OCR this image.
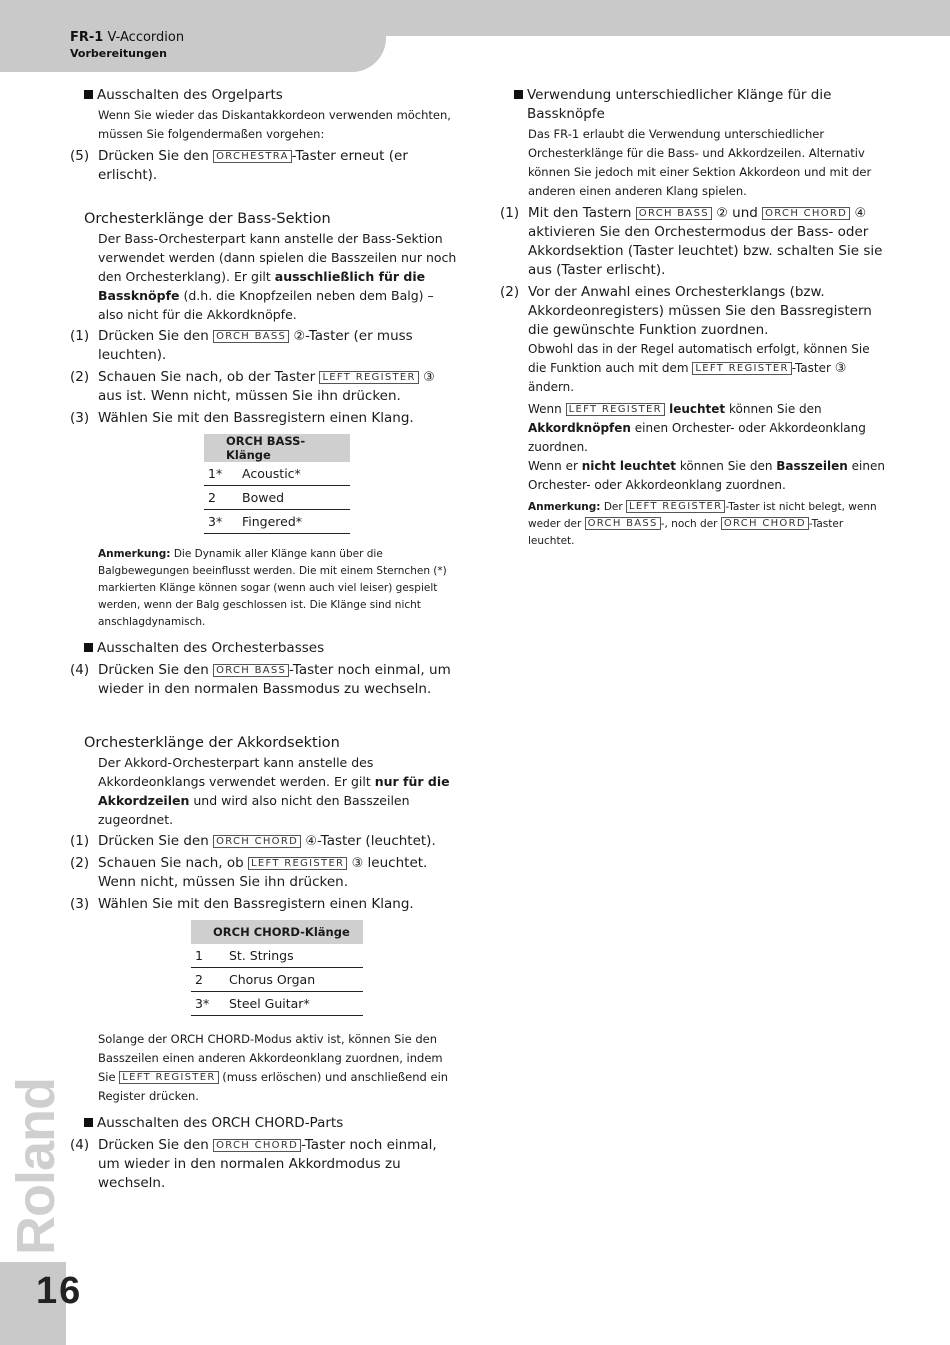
FR-1 V-Accordion
Vorbereitungen
Ausschalten des Orgelparts
Wenn Sie wieder das Diskantakkordeon verwenden möchten, müssen Sie folgendermaßen vorgehen:
(5) Drücken Sie den ORCHESTRA -Taster erneut (er erlischt).
Orchesterklänge der Bass-Sektion
Der Bass-Orchesterpart kann anstelle der Bass-Sektion verwendet werden (dann spielen die Basszeilen nur noch den Orchesterklang). Er gilt ausschließlich für die Bassknöpfe (d.h. die Knopfzeilen neben dem Balg) – also nicht für die Akkordknöpfe.
(1) Drücken Sie den ORCH BASS ②-Taster (er muss leuchten).
(2) Schauen Sie nach, ob der Taster LEFT REGISTER ③ aus ist. Wenn nicht, müssen Sie ihn drücken.
(3) Wählen Sie mit den Bassregistern einen Klang.
ORCH BASS-Klänge	
1*	Acoustic*
2	Bowed
3*	Fingered*
Anmerkung: Die Dynamik aller Klänge kann über die Balgbewegungen beeinflusst werden. Die mit einem Sternchen (*) markierten Klänge können sogar (wenn auch viel leiser) gespielt werden, wenn der Balg geschlossen ist. Die Klänge sind nicht anschlagdynamisch.
Ausschalten des Orchesterbasses
(4) Drücken Sie den ORCH BASS -Taster noch einmal, um wieder in den normalen Bassmodus zu wechseln.
Orchesterklänge der Akkordsektion
Der Akkord-Orchesterpart kann anstelle des Akkordeonklangs verwendet werden. Er gilt nur für die Akkordzeilen und wird also nicht den Basszeilen zugeordnet.
(1) Drücken Sie den ORCH CHORD ④-Taster (leuchtet).
(2) Schauen Sie nach, ob LEFT REGISTER ③ leuchtet. Wenn nicht, müssen Sie ihn drücken.
(3) Wählen Sie mit den Bassregistern einen Klang.
ORCH CHORD-Klänge	
1	St. Strings
2	Chorus Organ
3*	Steel Guitar*
Solange der ORCH CHORD-Modus aktiv ist, können Sie den Basszeilen einen anderen Akkordeonklang zuordnen, indem Sie LEFT REGISTER (muss erlöschen) und anschließend ein Register drücken.
Ausschalten des ORCH CHORD-Parts
(4) Drücken Sie den ORCH CHORD -Taster noch einmal, um wieder in den normalen Akkordmodus zu wechseln.
Verwendung unterschiedlicher Klänge für die Bassknöpfe
Das FR-1 erlaubt die Verwendung unterschiedlicher Orchesterklänge für die Bass- und Akkordzeilen. Alternativ können Sie jedoch mit einer Sektion Akkordeon und mit der anderen einen anderen Klang spielen.
(1) Mit den Tastern ORCH BASS ② und ORCH CHORD ④ aktivieren Sie den Orchestermodus der Bass- oder Akkordsektion (Taster leuchtet) bzw. schalten Sie sie aus (Taster erlischt).
(2) Vor der Anwahl eines Orchesterklangs (bzw. Akkordeonregisters) müssen Sie den Bassregistern die gewünschte Funktion zuordnen.
Obwohl das in der Regel automatisch erfolgt, können Sie die Funktion auch mit dem LEFT REGISTER -Taster ③ ändern.
Wenn LEFT REGISTER leuchtet können Sie den Akkordknöpfen einen Orchester- oder Akkordeonklang zuordnen.
Wenn er nicht leuchtet können Sie den Basszeilen einen Orchester- oder Akkordeonklang zuordnen.
Anmerkung: Der LEFT REGISTER -Taster ist nicht belegt, wenn weder der ORCH BASS -, noch der ORCH CHORD -Taster leuchtet.
Roland
16
